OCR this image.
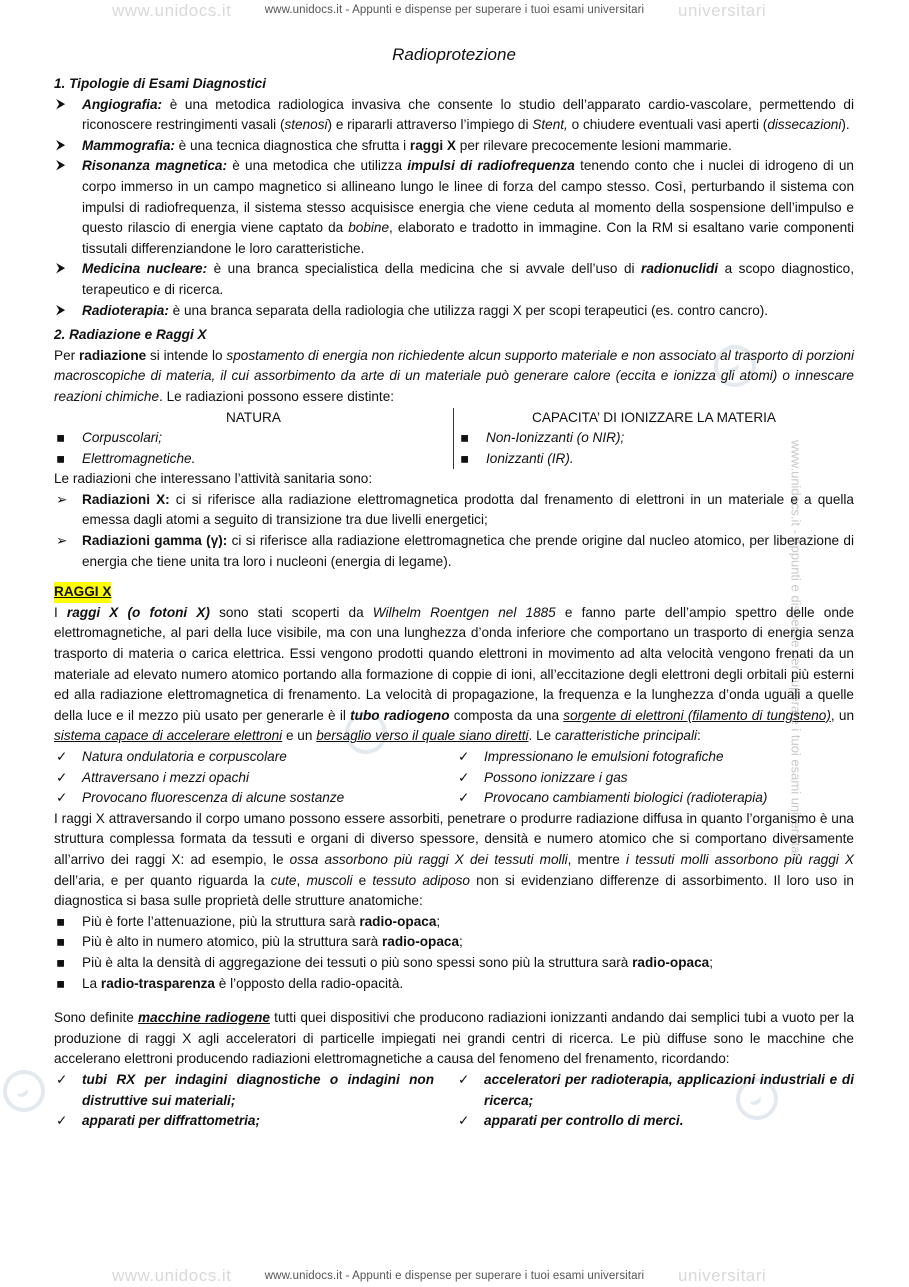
www.unidocs.it - Appunti e dispense per superare i tuoi esami universitari
www.unidocs.it	universitari
www.unidocs.it - Appunti e dispense per superare i tuoi esami universitari
www.unidocs.it	universitari
www.unidocs.it - Appunti e dispense per superare i tuoi esami universitari
Radioprotezione
1. Tipologie di Esami Diagnostici
⮞ Angiografia: è una metodica radiologica invasiva che consente lo studio dell’apparato cardio-vascolare, permettendo di riconoscere restringimenti vasali (stenosi) e ripararli attraverso l’impiego di Stent, o chiudere eventuali vasi aperti (dissecazioni).
⮞ Mammografia: è una tecnica diagnostica che sfrutta i raggi X per rilevare precocemente lesioni mammarie.
⮞ Risonanza magnetica: è una metodica che utilizza impulsi di radiofrequenza tenendo conto che i nuclei di idrogeno di un corpo immerso in un campo magnetico si allineano lungo le linee di forza del campo stesso. Così, perturbando il sistema con impulsi di radiofrequenza, il sistema stesso acquisisce energia che viene ceduta al momento della sospensione dell’impulso e questo rilascio di energia viene captato da bobine, elaborato e tradotto in immagine. Con la RM si esaltano varie componenti tissutali differenziandone le loro caratteristiche.
⮞ Medicina nucleare: è una branca specialistica della medicina che si avvale dell’uso di radionuclidi a scopo diagnostico, terapeutico e di ricerca.
⮞ Radioterapia: è una branca separata della radiologia che utilizza raggi X per scopi terapeutici (es. contro cancro).
2. Radiazione e Raggi X

Per radiazione si intende lo spostamento di energia non richiedente alcun supporto materiale e non associato al trasporto di porzioni macroscopiche di materia, il cui assorbimento da arte di un materiale può generare calore (eccita e ionizza gli atomi) o innescare reazioni chimiche. Le radiazioni possono essere distinte:

NATURA
▪ Corpuscolari;
▪ Elettromagnetiche.
CAPACITA’ DI IONIZZARE LA MATERIA
▪ Non-Ionizzanti (o NIR);
▪ Ionizzanti (IR).

Le radiazioni che interessano l’attività sanitaria sono:

➢ Radiazioni X: ci si riferisce alla radiazione elettromagnetica prodotta dal frenamento di elettroni in un materiale e a quella emessa dagli atomi a seguito di transizione tra due livelli energetici;
➢ Radiazioni gamma (γ): ci si riferisce alla radiazione elettromagnetica che prende origine dal nucleo atomico, per liberazione di energia che tiene unita tra loro i nucleoni (energia di legame).
RAGGI X

I raggi X (o fotoni X) sono stati scoperti da Wilhelm Roentgen nel 1885 e fanno parte dell’ampio spettro delle onde elettromagnetiche, al pari della luce visibile, ma con una lunghezza d’onda inferiore che comportano un trasporto di energia senza trasporto di materia o carica elettrica. Essi vengono prodotti quando elettroni in movimento ad alta velocità vengono frenati da un materiale ad elevato numero atomico portando alla formazione di coppie di ioni, all’eccitazione degli elettroni degli orbitali più esterni ed alla radiazione elettromagnetica di frenamento. La velocità di propagazione, la frequenza e la lunghezza d’onda uguali a quelle della luce e il mezzo più usato per generarle è il tubo radiogeno composta da una sorgente di elettroni (filamento di tungsteno), un sistema capace di accelerare elettroni e un bersaglio verso il quale siano diretti. Le caratteristiche principali:

✓ Natura ondulatoria e corpuscolare
✓ Attraversano i mezzi opachi
✓ Provocano fluorescenza di alcune sostanze
✓ Impressionano le emulsioni fotografiche
✓ Possono ionizzare i gas
✓ Provocano cambiamenti biologici (radioterapia)

I raggi X attraversando il corpo umano possono essere assorbiti, penetrare o produrre radiazione diffusa in quanto l’organismo è una struttura complessa formata da tessuti e organi di diverso spessore, densità e numero atomico che si comportano diversamente all’arrivo dei raggi X: ad esempio, le ossa assorbono più raggi X dei tessuti molli, mentre i tessuti molli assorbono più raggi X dell’aria, e per quanto riguarda la cute, muscoli e tessuto adiposo non si evidenziano differenze di assorbimento. Il loro uso in diagnostica si basa sulle proprietà delle strutture anatomiche:

▪ Più è forte l’attenuazione, più la struttura sarà radio-opaca;
▪ Più è alto in numero atomico, più la struttura sarà radio-opaca;
▪ Più è alta la densità di aggregazione dei tessuti o più sono spessi sono più la struttura sarà radio-opaca;
▪ La radio-trasparenza è l’opposto della radio-opacità.

Sono definite macchine radiogene tutti quei dispositivi che producono radiazioni ionizzanti andando dai semplici tubi a vuoto per la produzione di raggi X agli acceleratori di particelle impiegati nei grandi centri di ricerca. Le più diffuse sono le macchine che accelerano elettroni producendo radiazioni elettromagnetiche a causa del fenomeno del frenamento, ricordando:

✓ tubi RX per indagini diagnostiche o indagini non distruttive sui materiali;
✓ apparati per diffrattometria;
✓ acceleratori per radioterapia, applicazioni industriali e di ricerca;
✓ apparati per controllo di merci.
